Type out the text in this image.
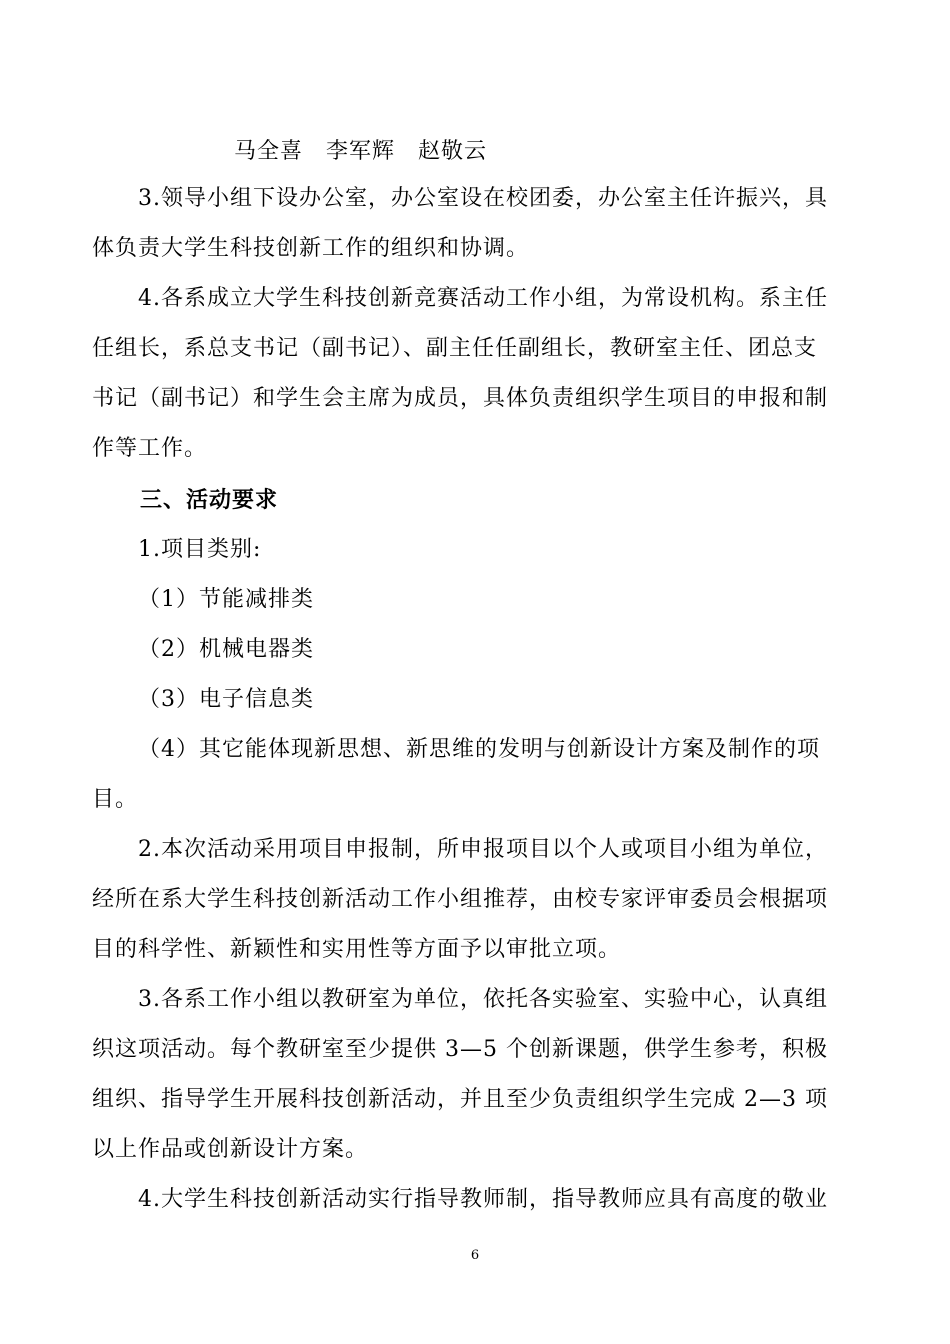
马全喜　李军辉　赵敬云
3.领导小组下设办公室，办公室设在校团委，办公室主任许振兴，具
体负责大学生科技创新工作的组织和协调。
4.各系成立大学生科技创新竞赛活动工作小组，为常设机构。系主任
任组长，系总支书记（副书记）、副主任任副组长，教研室主任、团总支
书记（副书记）和学生会主席为成员，具体负责组织学生项目的申报和制
作等工作。
三、活动要求
1.项目类别:
（1）节能减排类
（2）机械电器类
（3）电子信息类
（4）其它能体现新思想、新思维的发明与创新设计方案及制作的项
目。
2.本次活动采用项目申报制，所申报项目以个人或项目小组为单位，
经所在系大学生科技创新活动工作小组推荐，由校专家评审委员会根据项
目的科学性、新颖性和实用性等方面予以审批立项。
3.各系工作小组以教研室为单位，依托各实验室、实验中心，认真组
织这项活动。每个教研室至少提供 3—5 个创新课题，供学生参考，积极
组织、指导学生开展科技创新活动，并且至少负责组织学生完成 2—3 项
以上作品或创新设计方案。
4.大学生科技创新活动实行指导教师制，指导教师应具有高度的敬业
6
